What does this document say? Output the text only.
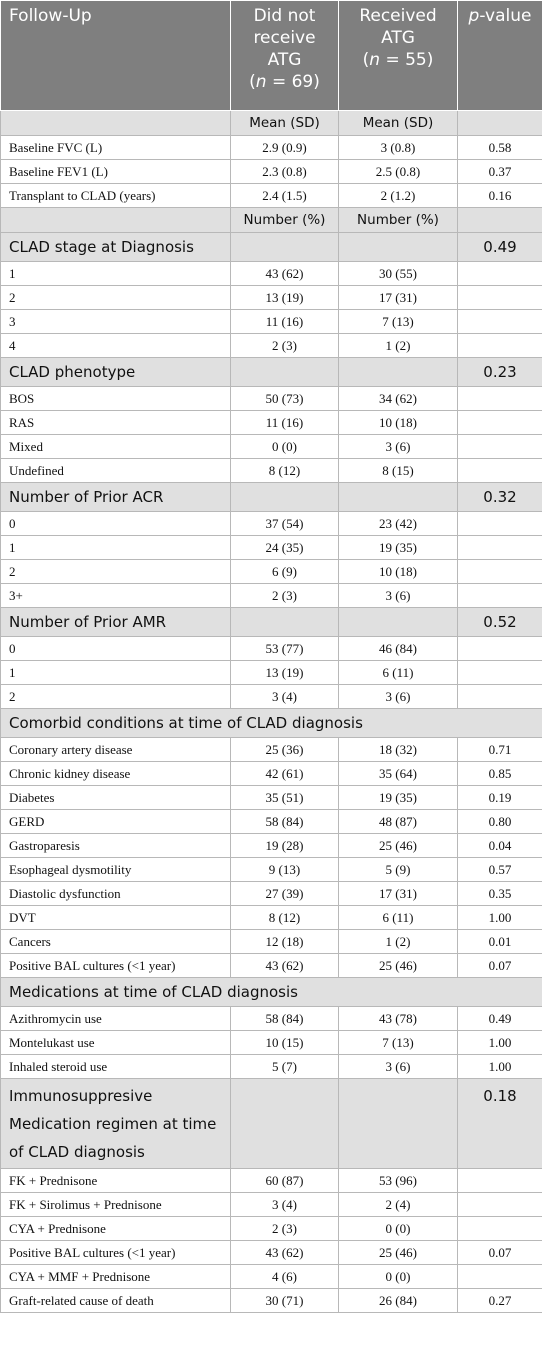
Follow-Up	Did not
receive
ATG
(n = 69)	Received
ATG
(n = 55)	p-value
	Mean (SD)	Mean (SD)	
Baseline FVC (L)	2.9 (0.9)	3 (0.8)	0.58
Baseline FEV1 (L)	2.3 (0.8)	2.5 (0.8)	0.37
Transplant to CLAD (years)	2.4 (1.5)	2 (1.2)	0.16
	Number (%)	Number (%)	
CLAD stage at Diagnosis			0.49
1	43 (62)	30 (55)	
2	13 (19)	17 (31)	
3	11 (16)	7 (13)	
4	2 (3)	1 (2)	
CLAD phenotype			0.23
BOS	50 (73)	34 (62)	
RAS	11 (16)	10 (18)	
Mixed	0 (0)	3 (6)	
Undefined	8 (12)	8 (15)	
Number of Prior ACR			0.32
0	37 (54)	23 (42)	
1	24 (35)	19 (35)	
2	6 (9)	10 (18)	
3+	2 (3)	3 (6)	
Number of Prior AMR			0.52
0	53 (77)	46 (84)	
1	13 (19)	6 (11)	
2	3 (4)	3 (6)	
Comorbid conditions at time of CLAD diagnosis			
Coronary artery disease	25 (36)	18 (32)	0.71
Chronic kidney disease	42 (61)	35 (64)	0.85
Diabetes	35 (51)	19 (35)	0.19
GERD	58 (84)	48 (87)	0.80
Gastroparesis	19 (28)	25 (46)	0.04
Esophageal dysmotility	9 (13)	5 (9)	0.57
Diastolic dysfunction	27 (39)	17 (31)	0.35
DVT	8 (12)	6 (11)	1.00
Cancers	12 (18)	1 (2)	0.01
Positive BAL cultures (<1 year)	43 (62)	25 (46)	0.07
Medications at time of CLAD diagnosis			
Azithromycin use	58 (84)	43 (78)	0.49
Montelukast use	10 (15)	7 (13)	1.00
Inhaled steroid use	5 (7)	3 (6)	1.00
Immunosuppresive
Medication regimen at time
of CLAD diagnosis			0.18
FK + Prednisone	60 (87)	53 (96)	
FK + Sirolimus + Prednisone	3 (4)	2 (4)	
CYA + Prednisone	2 (3)	0 (0)	
Positive BAL cultures (<1 year)	43 (62)	25 (46)	0.07
CYA + MMF + Prednisone	4 (6)	0 (0)	
Graft-related cause of death	30 (71)	26 (84)	0.27
